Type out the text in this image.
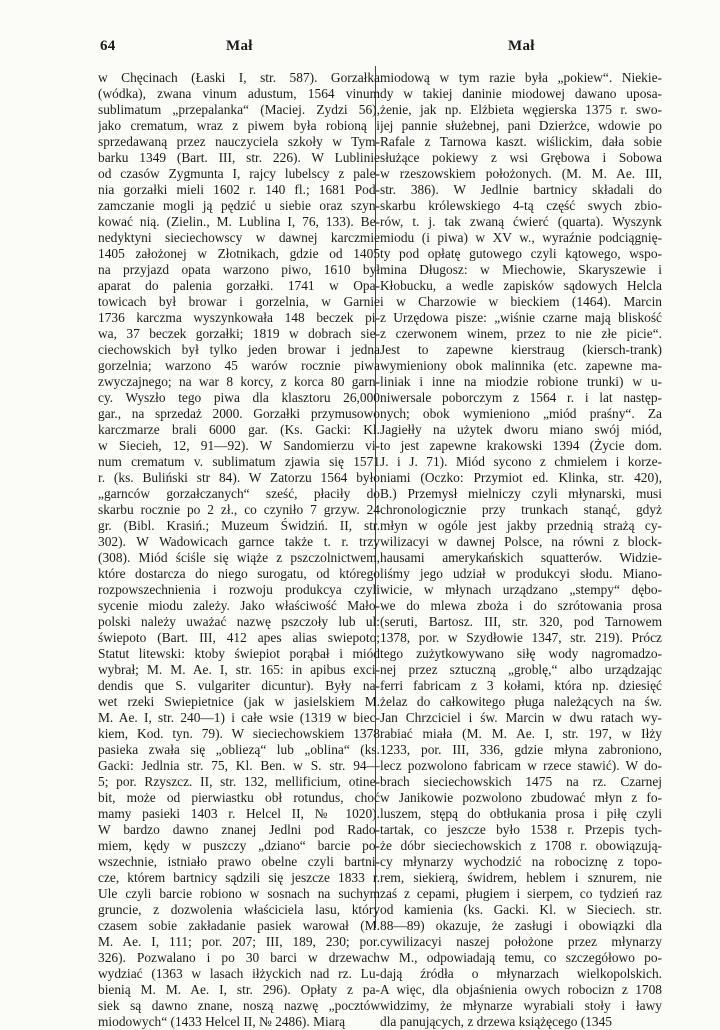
64	Mał	Mał
w Chęcinach (Łaski I, str. 587). Gorzałka
(wódka), zwana vinum adustum, 1564 vinum
sublimatum „przepalanka“ (Maciej. Zydzi 56),
jako crematum, wraz z piwem była robioną i
sprzedawaną przez nauczyciela szkoły w Tym-
barku 1349 (Bart. III, str. 226). W Lublinie
od czasów Zygmunta I, rajcy lubelscy z pale-
nia gorzałki mieli 1602 r. 140 fl.; 1681 Pod-
zamczanie mogli ją pędzić u siebie oraz szyn-
kować nią. (Zielin., M. Lublina I, 76, 133). Be-
nedyktyni sieciechowscy w dawnej karczmie
1405 założonej w Złotnikach, gdzie od 1405
na przyjazd opata warzono piwo, 1610 był
aparat do palenia gorzałki. 1741 w Opa-
towicach był browar i gorzelnia, w Garnie
1736 karczma wyszynkowała 148 beczek pi-
wa, 37 beczek gorzałki; 1819 w dobrach sie-
ciechowskich był tylko jeden browar i jedna
gorzelnia; warzono 45 warów rocznie piwa
zwyczajnego; na war 8 korcy, z korca 80 garn-
cy. Wyszło tego piwa dla klasztoru 26,000
gar., na sprzedaż 2000. Gorzałki przymusowo
karczmarze brali 6000 gar. (Ks. Gacki: Kl.
w Siecieh, 12, 91—92). W Sandomierzu vi-
num crematum v. sublimatum zjawia się 1571
r. (ks. Buliński str 84). W Zatorzu 1564 było
„garnców gorzałczanych“ sześć, płaciły do
skarbu rocznie po 2 zł., co czyniło 7 grzyw. 24
gr. (Bibl. Krasiń.; Muzeum Świdziń. II, str.
302). W Wadowicach garnce także t. r. trzy
(308). Miód ściśle się wiąże z pszczolnictwem,
które dostarcza do niego surogatu, od którego
rozpowszechnienia i rozwoju produkcya czyli
sycenie miodu zależy. Jako właściwość Mało-
polski należy uważać nazwę pszczoły lub ul:
świepoto (Bart. III, 412 apes alias swiepoto;
Statut litewski: ktoby świepiot porąbał i miód
wybrał; M. M. Ae. I, str. 165: in apibus exci-
dendis que S. vulgariter dicuntur). Były na-
wet rzeki Swiepietnice (jak w jasielskiem M.
M. Ae. I, str. 240—1) i całe wsie (1319 w biec-
kiem, Kod. tyn. 79). W sieciechowskiem 1378
pasieka zwała się „obliezą“ lub „oblina“ (ks.
Gacki: Jedlnia str. 75, Kl. Ben. w S. str. 94—
5; por. Rzyszcz. II, str. 132, mellificium, otine-
bit, może od pierwiastku obł rotundus, choć
mamy pasieki 1403 r. Helcel II, № 1020).
W bardzo dawno znanej Jedlni pod Rado-
miem, kędy w puszczy „dziano“ barcie po-
wszechnie, istniało prawo obelne czyli bartni-
cze, którem bartnicy sądzili się jeszcze 1833 r.
Ule czyli barcie robiono w sosnach na suchym
gruncie, z dozwolenia właściciela lasu, który
czasem sobie zakładanie pasiek warował (M.
M. Ae. I, 111; por. 207; III, 189, 230; por.
326). Pozwalano i po 30 barci w drzewach
wydziać (1363 w lasach iłżyckich nad rz. Lu-
bienią M. M. Ae. I, str. 296). Opłaty z pa-
siek są dawno znane, noszą nazwę „pocztów
miodowych“ (1433 Helcel II, № 2486). Miarą
miodową w tym razie była „pokiew“. Niekie-
dy w takiej daninie miodowej dawano uposa-
żenie, jak np. Elżbieta węgierska 1375 r. swo-
jej pannie służebnej, pani Dzierżce, wdowie po
Rafale z Tarnowa kaszt. wiślickim, dała sobie
służące pokiewy z wsi Grębowa i Sobowa
w rzeszowskiem położonych. (M. M. Ae. III,
str. 386). W Jedlnie bartnicy składali do
skarbu królewskiego 4-tą część swych zbio-
rów, t. j. tak zwaną ćwierć (quarta). Wyszynk
miodu (i piwa) w XV w., wyraźnie podciągnię-
ty pod opłatę gutowego czyli kątowego, wspo-
mina Długosz: w Miechowie, Skaryszewie i
Kłobucku, a wedle zapisków sądowych Helcla
i w Charzowie w bieckiem (1464). Marcin
z Urzędowa pisze: „wiśnie czarne mają bliskość
z czerwonem winem, przez to nie złe picie“.
Jest to zapewne kierstraug (kiersch-trank)
wymieniony obok malinnika (etc. zapewne ma-
liniak i inne na miodzie robione trunki) w u-
niwersale poborczym z 1564 r. i lat następ-
nych; obok wymieniono „miód praśny“. Za
Jagiełły na użytek dworu miano swój miód,
to jest zapewne krakowski 1394 (Życie dom.
J. i J. 71). Miód sycono z chmielem i korze-
niami (Oczko: Przymiot ed. Klinka, str. 420),
B.) Przemysł mielniczy czyli młynarski, musi
chronologicznie przy trunkach stanąć, gdyż
młyn w ogóle jest jakby przednią strażą cy-
wilizacyi w dawnej Polsce, na równi z block-
hausami amerykańskich squatterów. Widzie-
liśmy jego udział w produkcyi słodu. Miano-
wicie, w młynach urządzano „stempy“ dębo-
we do mlewa zboża i do szrótowania prosa
(seruti, Bartosz. III, str. 320, pod Tarnowem
1378, por. w Szydłowie 1347, str. 219). Prócz
tego zużytkowywano siłę wody nagromadzo-
nej przez sztuczną „groblę,“ albo urządzając
ferri fabricam z 3 kołami, która np. dziesięć
żelaz do całkowitego pługa należących na św.
Jan Chrzciciel i św. Marcin w dwu ratach wy-
rabiać miała (M. M. Ae. I, str. 197, w Iłży
1233, por. III, 336, gdzie młyna zabroniono,
lecz pozwolono fabricam w rzece stawić). W do-
brach sieciechowskich 1475 na rz. Czarnej
w Janikowie pozwolono zbudować młyn z fo-
luszem, stępą do obtłukania prosa i piłę czyli
tartak, co jeszcze było 1538 r. Przepis tych-
że dóbr sieciechowskich z 1708 r. obowiązują-
cy młynarzy wychodzić na robociznę z topo-
rem, siekierą, świdrem, heblem i sznurem, nie
zaś z cepami, pługiem i sierpem, co tydzień raz
od kamienia (ks. Gacki. Kl. w Sieciech. str.
88—89) okazuje, że zasługi i obowiązki dla
cywilizacyi naszej położone przez młynarzy
w M., odpowiadają temu, co szczegółowo po-
dają źródła o młynarzach wielkopolskich.
A więc, dla objaśnienia owych robocizn z 1708
widzimy, że młynarze wyrabiali stoły i ławy
dla panujących, z drzewa książęcego (1345
